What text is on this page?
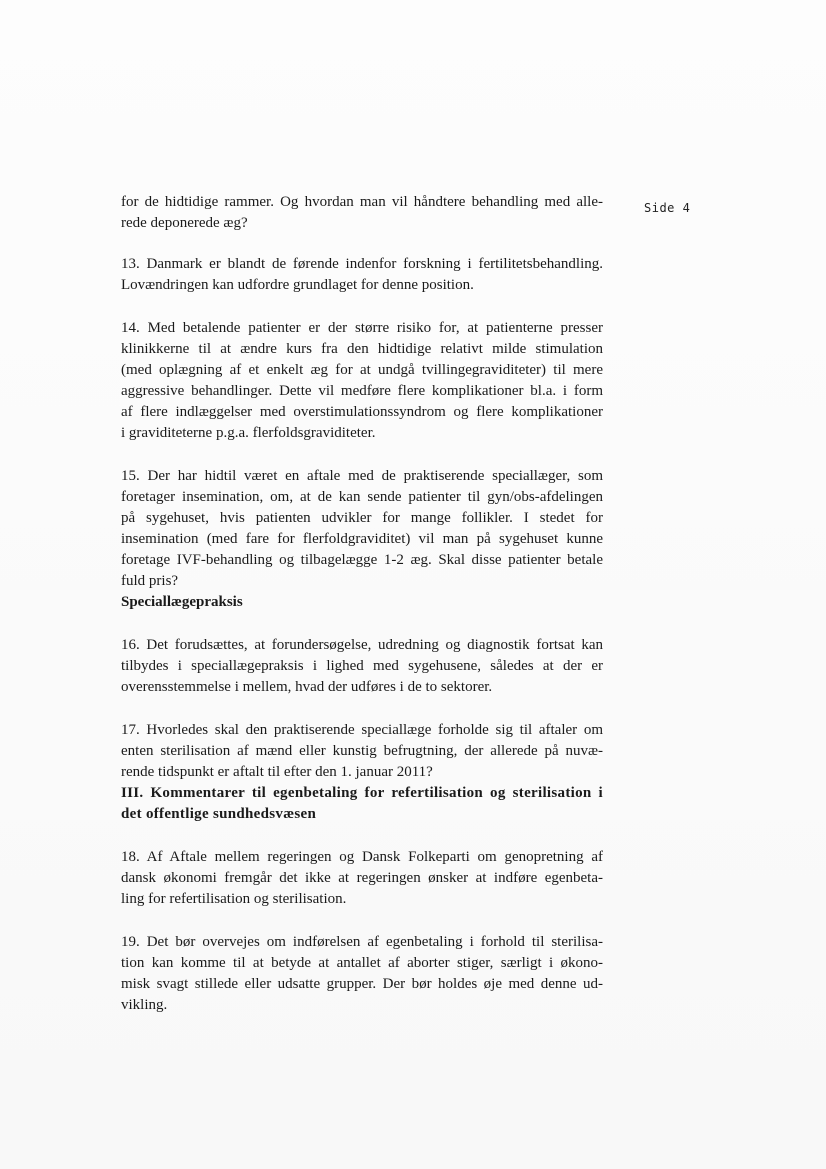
Side 4

for de hidtidige rammer. Og hvordan man vil håndtere behandling med alle-
rede deponerede æg?

13. Danmark er blandt de førende indenfor forskning i fertilitetsbehandling.
Lovændringen kan udfordre grundlaget for denne position.

14. Med betalende patienter er der større risiko for, at patienterne presser
klinikkerne til at ændre kurs fra den hidtidige relativt milde stimulation
(med oplægning af et enkelt æg for at undgå tvillingegraviditeter) til mere
aggressive behandlinger. Dette vil medføre flere komplikationer bl.a. i form
af flere indlæggelser med overstimulationssyndrom og flere komplikationer
i graviditeterne p.g.a. flerfoldsgraviditeter.

15. Der har hidtil været en aftale med de praktiserende speciallæger, som
foretager insemination, om, at de kan sende patienter til gyn/obs-afdelingen
på sygehuset, hvis patienten udvikler for mange follikler. I stedet for
insemination (med fare for flerfoldgraviditet) vil man på sygehuset kunne
foretage IVF-behandling og tilbagelægge 1-2 æg. Skal disse patienter betale
fuld pris?

Speciallægepraksis

16. Det forudsættes, at forundersøgelse, udredning og diagnostik fortsat kan
tilbydes i speciallægepraksis i lighed med sygehusene, således at der er
overensstemmelse i mellem, hvad der udføres i de to sektorer.

17. Hvorledes skal den praktiserende speciallæge forholde sig til aftaler om
enten sterilisation af mænd eller kunstig befrugtning, der allerede på nuvæ-
rende tidspunkt er aftalt til efter den 1. januar 2011?

III. Kommentarer til egenbetaling for refertilisation og sterilisation i
det offentlige sundhedsvæsen

18. Af Aftale mellem regeringen og Dansk Folkeparti om genopretning af
dansk økonomi fremgår det ikke at regeringen ønsker at indføre egenbeta-
ling for refertilisation og sterilisation.

19. Det bør overvejes om indførelsen af egenbetaling i forhold til sterilisa-
tion kan komme til at betyde at antallet af aborter stiger, særligt i økono-
misk svagt stillede eller udsatte grupper. Der bør holdes øje med denne ud-
vikling.
